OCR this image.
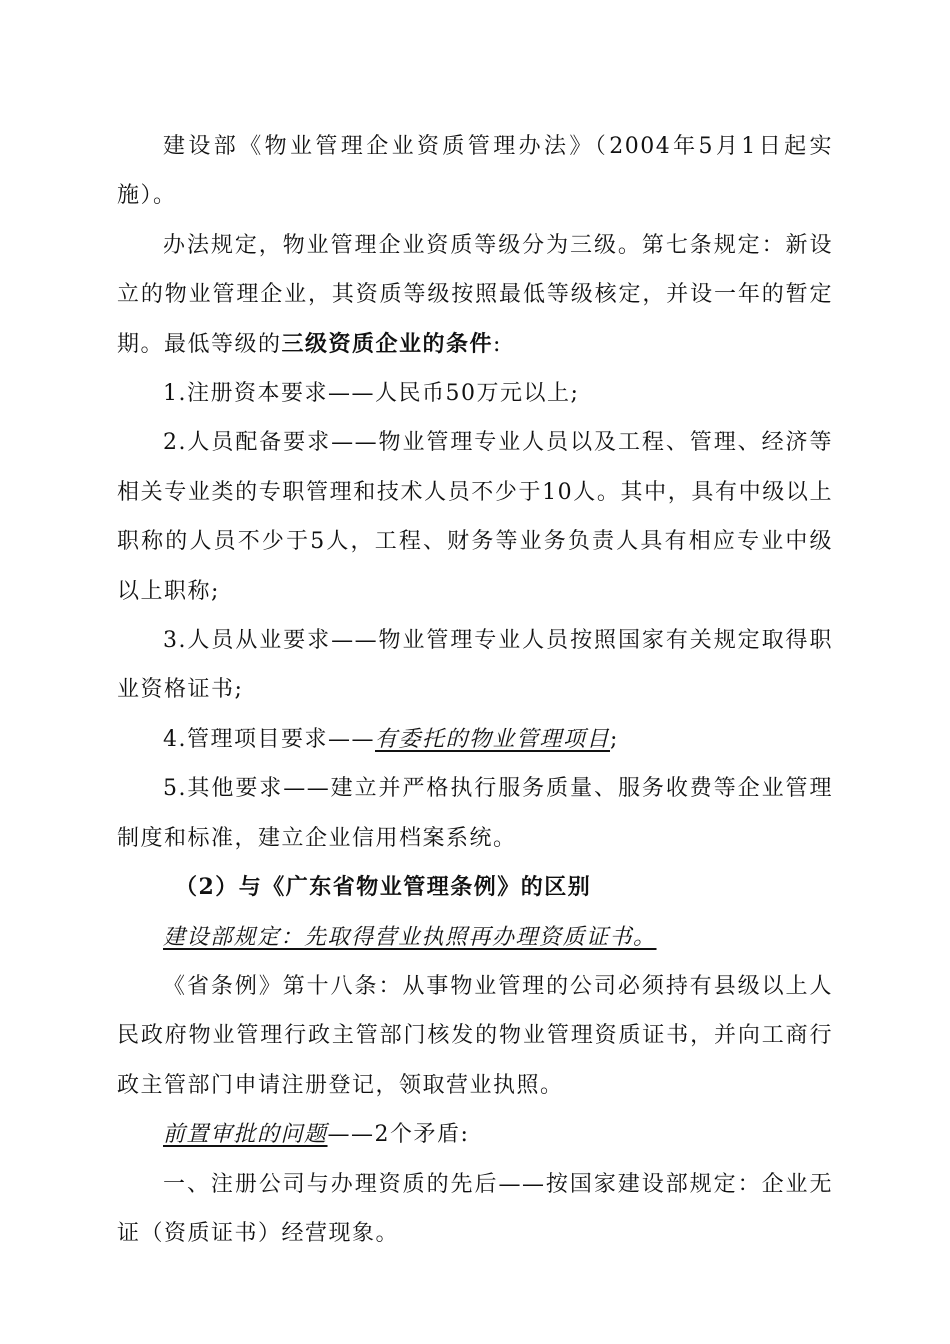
建设部《物业管理企业资质管理办法》（2004年5月1日起实施）。

办法规定，物业管理企业资质等级分为三级。第七条规定：新设立的物业管理企业，其资质等级按照最低等级核定，并设一年的暂定期。最低等级的三级资质企业的条件:

1.注册资本要求——人民币50万元以上;

2.人员配备要求——物业管理专业人员以及工程、管理、经济等相关专业类的专职管理和技术人员不少于10人。其中，具有中级以上职称的人员不少于5人，工程、财务等业务负责人具有相应专业中级以上职称;

3.人员从业要求——物业管理专业人员按照国家有关规定取得职业资格证书;

4.管理项目要求——有委托的物业管理项目;

5.其他要求——建立并严格执行服务质量、服务收费等企业管理制度和标准，建立企业信用档案系统。

（2）与《广东省物业管理条例》的区别

建设部规定：先取得营业执照再办理资质证书。

《省条例》第十八条：从事物业管理的公司必须持有县级以上人民政府物业管理行政主管部门核发的物业管理资质证书，并向工商行政主管部门申请注册登记，领取营业执照。

前置审批的问题——2个矛盾:

一、注册公司与办理资质的先后——按国家建设部规定：企业无证（资质证书）经营现象。
